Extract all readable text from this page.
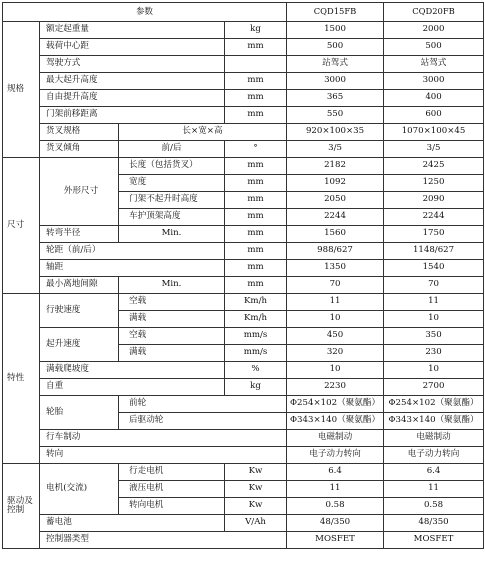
参数				CQD15FB	CQD20FB
规格	额定起重量		kg	1500	2000
	载荷中心距		mm	500	500
	驾驶方式			站驾式	站驾式
	最大起升高度		mm	3000	3000
	自由提升高度		mm	365	400
	门架前移距离		mm	550	600
	货叉规格	长×宽×高		920×100×35	1070×100×45
	货叉倾角	前/后	°	3/5	3/5
尺寸	外形尺寸	长度（包括货叉）	mm	2182	2425
		宽度	mm	1092	1250
		门架不起升时高度	mm	2050	2090
		车护顶架高度	mm	2244	2244
	转弯半径	Min.	mm	1560	1750
	轮距（前/后）		mm	988/627	1148/627
	轴距		mm	1350	1540
	最小离地间隙	Min.	mm	70	70
特性	行驶速度	空载	Km/h	11	11
		满载	Km/h	10	10
	起升速度	空载	mm/s	450	350
		满载	mm/s	320	230
	满载爬坡度		%	10	10
	自重		kg	2230	2700
	轮胎	前轮		Φ254×102（聚氨酯）	Φ254×102（聚氨酯）
		后驱动轮		Φ343×140（聚氨酯）	Φ343×140（聚氨酯）
	行车制动			电磁制动	电磁制动
	转向			电子动力转向	电子动力转向
驱动及控制	电机(交流)	行走电机	Kw	6.4	6.4
		液压电机	Kw	11	11
		转向电机	Kw	0.58	0.58
	蓄电池		V/Ah	48/350	48/350
	控制器类型			MOSFET	MOSFET
